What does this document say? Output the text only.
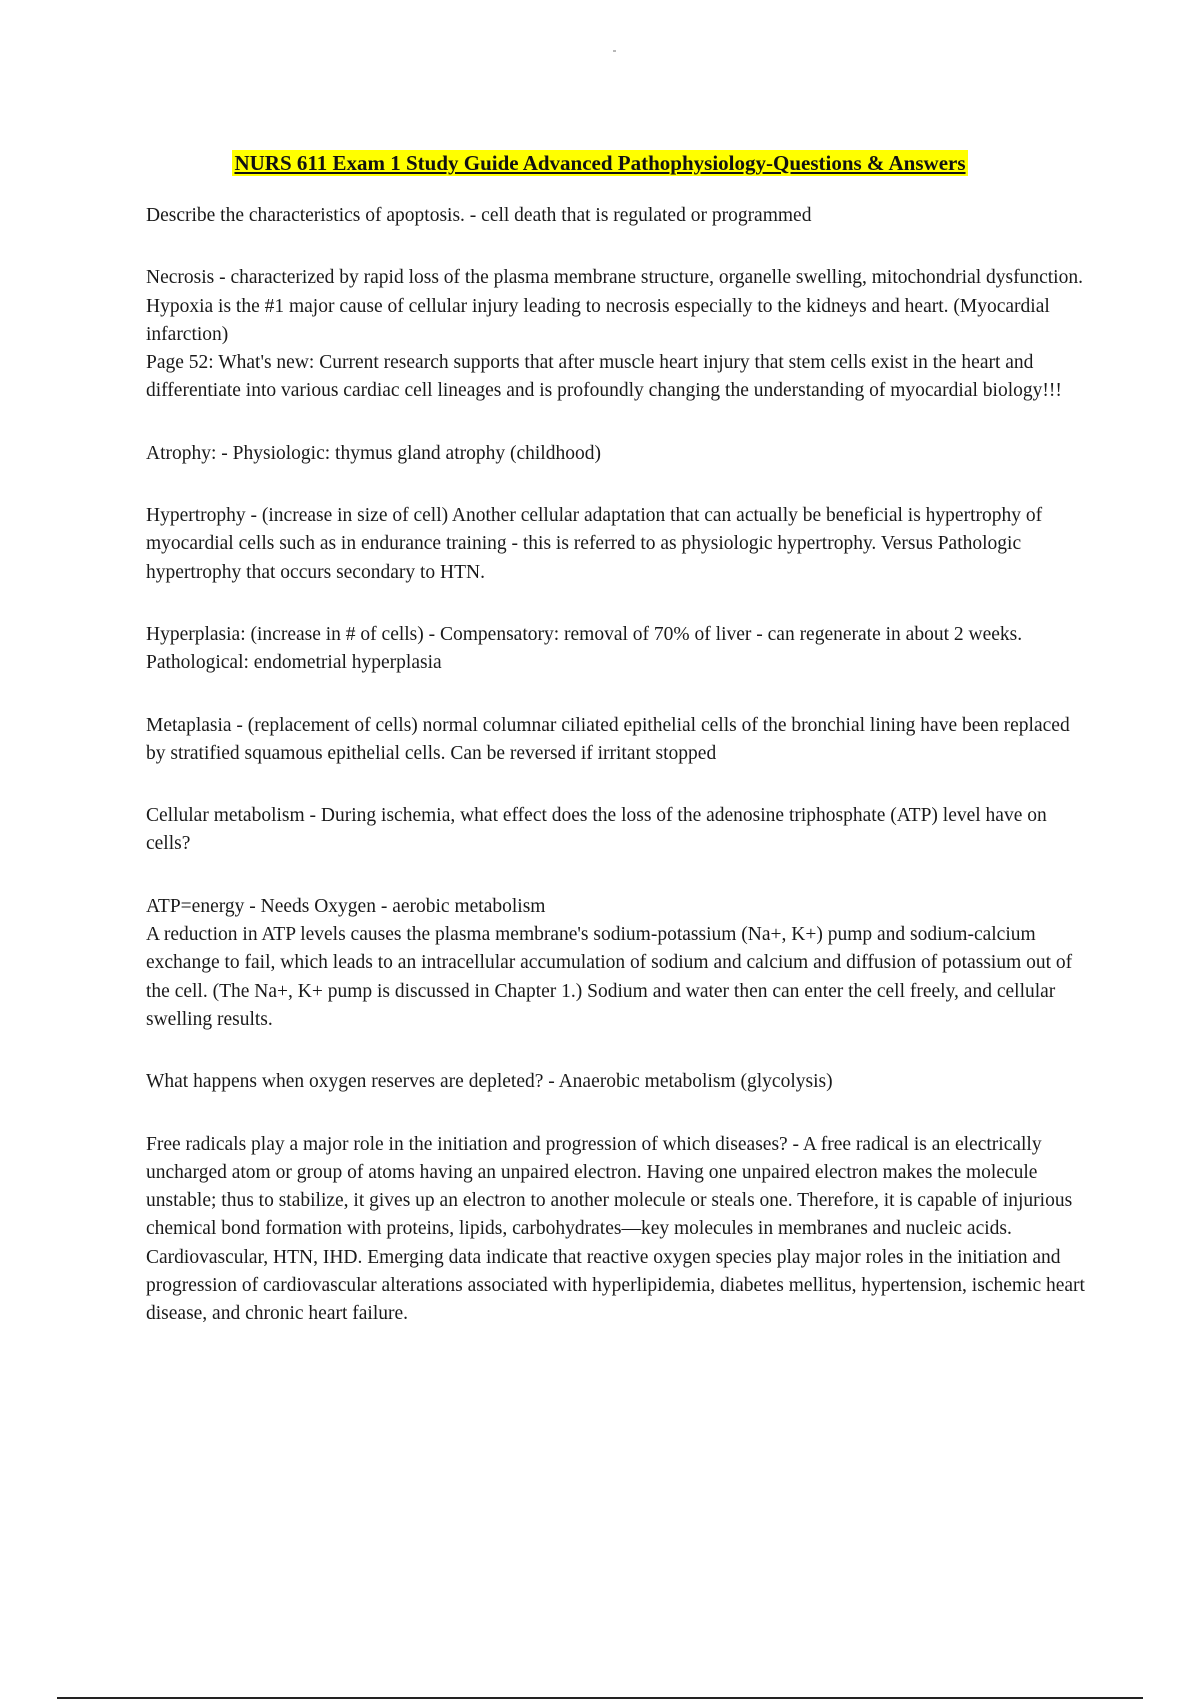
NURS 611 Exam 1 Study Guide Advanced Pathophysiology-Questions & Answers

Describe the characteristics of apoptosis. - cell death that is regulated or programmed

Necrosis - characterized by rapid loss of the plasma membrane structure, organelle swelling, mitochondrial dysfunction. Hypoxia is the #1 major cause of cellular injury leading to necrosis especially to the kidneys and heart. (Myocardial infarction)

Page 52: What's new: Current research supports that after muscle heart injury that stem cells exist in the heart and differentiate into various cardiac cell lineages and is profoundly changing the understanding of myocardial biology!!!

Atrophy: - Physiologic: thymus gland atrophy (childhood)

Hypertrophy - (increase in size of cell) Another cellular adaptation that can actually be beneficial is hypertrophy of myocardial cells such as in endurance training - this is referred to as physiologic hypertrophy. Versus Pathologic hypertrophy that occurs secondary to HTN.

Hyperplasia: (increase in # of cells) - Compensatory: removal of 70% of liver - can regenerate in about 2 weeks. Pathological: endometrial hyperplasia

Metaplasia - (replacement of cells) normal columnar ciliated epithelial cells of the bronchial lining have been replaced by stratified squamous epithelial cells. Can be reversed if irritant stopped

Cellular metabolism - During ischemia, what effect does the loss of the adenosine triphosphate (ATP) level have on cells?

ATP=energy - Needs Oxygen - aerobic metabolism

A reduction in ATP levels causes the plasma membrane's sodium-potassium (Na+, K+) pump and sodium-calcium exchange to fail, which leads to an intracellular accumulation of sodium and calcium and diffusion of potassium out of the cell. (The Na+, K+ pump is discussed in Chapter 1.) Sodium and water then can enter the cell freely, and cellular swelling results.

What happens when oxygen reserves are depleted? - Anaerobic metabolism (glycolysis)

Free radicals play a major role in the initiation and progression of which diseases? - A free radical is an electrically uncharged atom or group of atoms having an unpaired electron. Having one unpaired electron makes the molecule unstable; thus to stabilize, it gives up an electron to another molecule or steals one. Therefore, it is capable of injurious chemical bond formation with proteins, lipids, carbohydrates—key molecules in membranes and nucleic acids.

Cardiovascular, HTN, IHD. Emerging data indicate that reactive oxygen species play major roles in the initiation and progression of cardiovascular alterations associated with hyperlipidemia, diabetes mellitus, hypertension, ischemic heart disease, and chronic heart failure.
